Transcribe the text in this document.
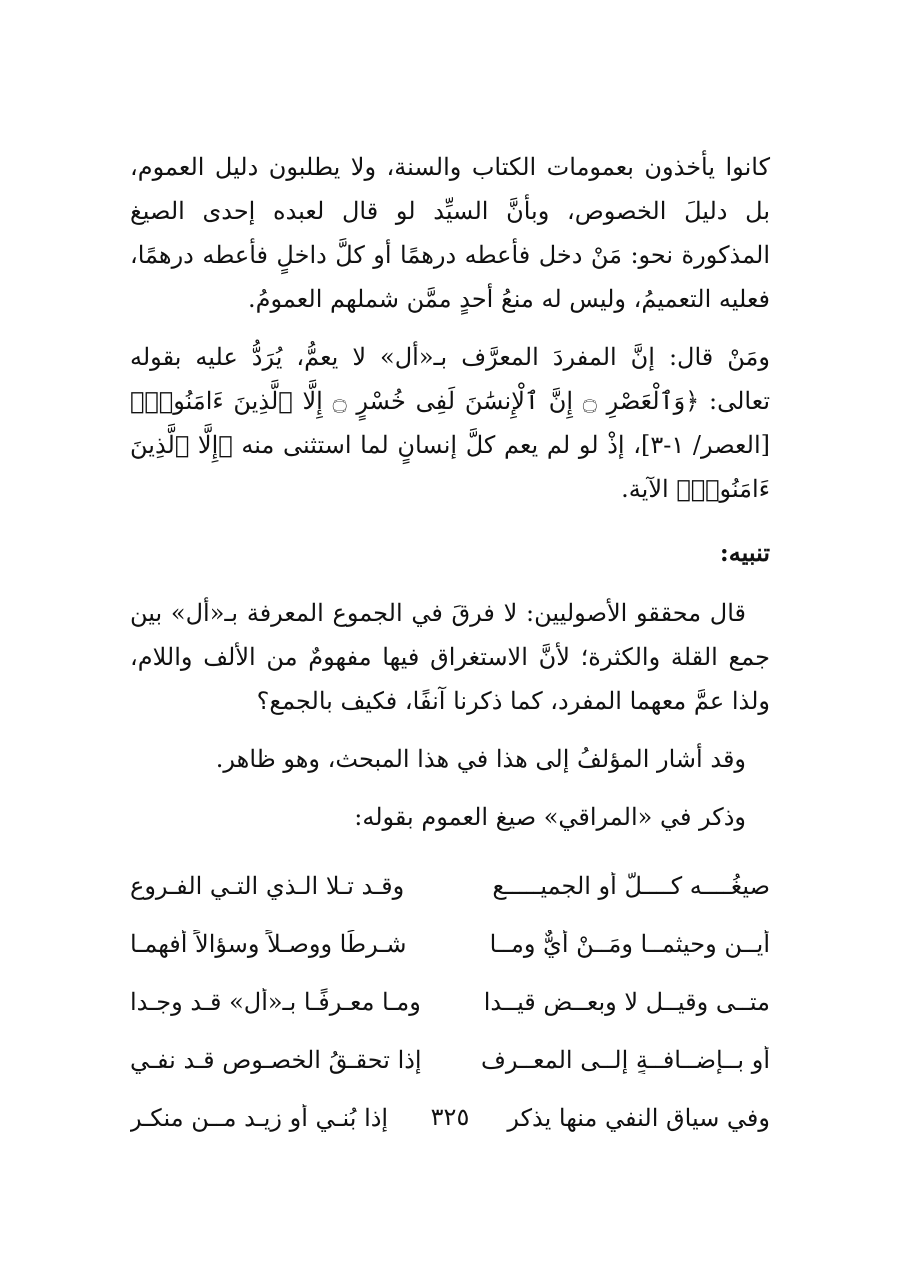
كانوا يأخذون بعمومات الكتاب والسنة، ولا يطلبون دليل العموم، بل دليلَ الخصوص، وبأنَّ السيِّد لو قال لعبده إحدى الصيغ المذكورة نحو: مَنْ دخل فأعطه درهمًا أو كلَّ داخلٍ فأعطه درهمًا، فعليه التعميمُ، وليس له منعُ أحدٍ ممَّن شملهم العمومُ.

ومَنْ قال: إنَّ المفردَ المعرَّف بـ«أل» لا يعمُّ، يُرَدُّ عليه بقوله تعالى: ﴿وَٱلْعَصْرِ ۝ إِنَّ ٱلْإِنسَٰنَ لَفِى خُسْرٍ ۝ إِلَّا ٱلَّذِينَ ءَامَنُوا۟﴾ [العصر/ ١-٣]، إذْ لو لم يعم كلَّ إنسانٍ لما استثنى منه ﴿إِلَّا ٱلَّذِينَ ءَامَنُوا۟﴾ الآية.

تنبيه:

قال محققو الأصوليين: لا فرقَ في الجموع المعرفة بـ«أل» بين جمع القلة والكثرة؛ لأنَّ الاستغراق فيها مفهومٌ من الألف واللام، ولذا عمَّ معهما المفرد، كما ذكرنا آنفًا، فكيف بالجمع؟

وقد أشار المؤلفُ إلى هذا في هذا المبحث، وهو ظاهر.

وذكر في «المراقي» صيغ العموم بقوله:

صيغُــــه كــــلٌّ أو الجميـــــع
وقـد تـلا الـذي التـي الفـروع
أيــن وحيثمــا ومَــنْ أيٌّ ومــا
شـرطًا ووصـلاً وسؤالاً أفهمـا
متــى وقيــل لا وبعــض قيــدا
ومـا معـرفًـا بـ«أل» قـد وجـدا
أو بــإضــافــةٍ إلــى المعــرف
إذا تحقـقُ الخصـوصِ قـد نفـي
وفي سياقِ النفي منها يذكر
إذا بُنـي أو زِيـد مــن منكـر	٣٢٥
